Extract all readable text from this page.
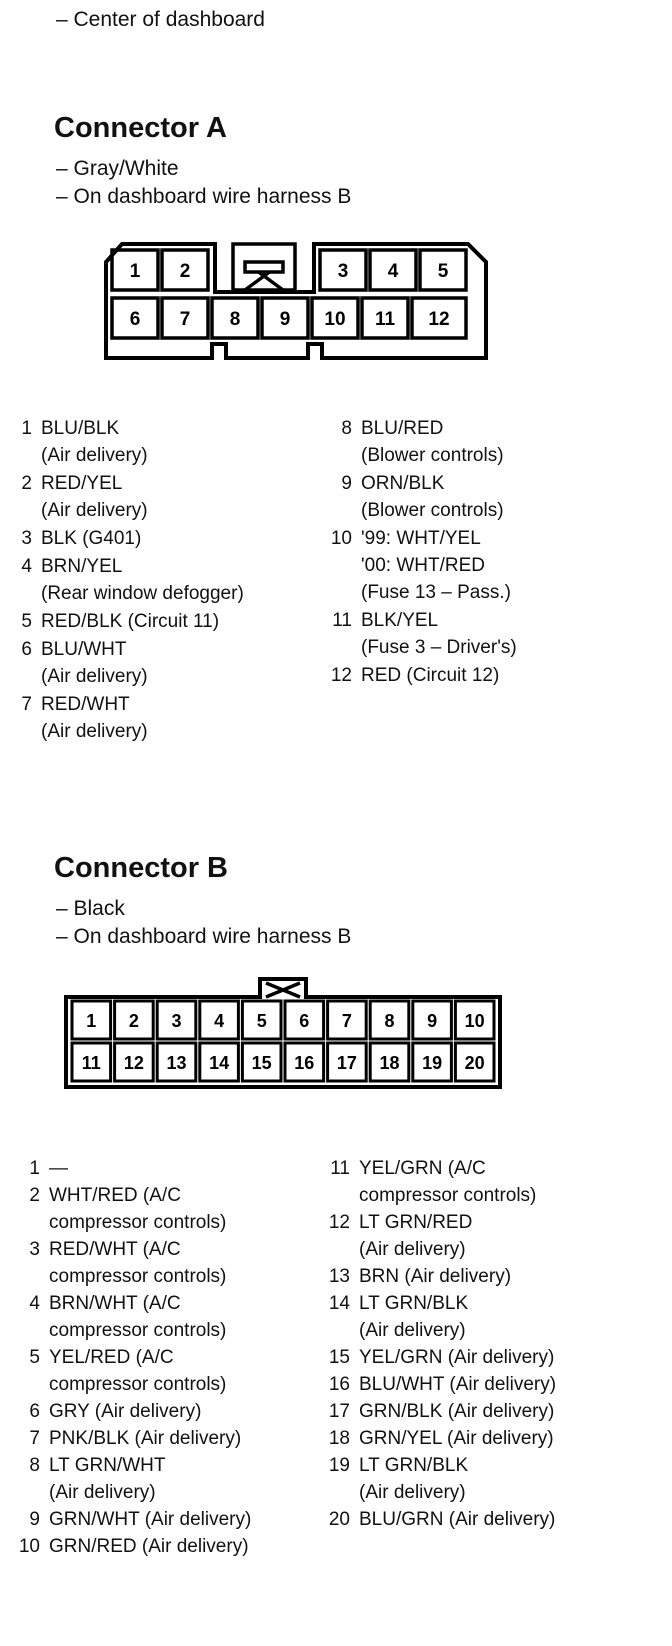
– Center of dashboard
Connector A
– Gray/White
– On dashboard wire harness B
1 2	3 4 5
6 7 8 9 10 11 12
1 BLU/BLK
(Air delivery)
2 RED/YEL
(Air delivery)
3 BLK (G401)
4 BRN/YEL
(Rear window defogger)
5 RED/BLK (Circuit 11)
6 BLU/WHT
(Air delivery)
7 RED/WHT
(Air delivery)
8 BLU/RED
(Blower controls)
9 ORN/BLK
(Blower controls)
10 '99: WHT/YEL
'00: WHT/RED
(Fuse 13 – Pass.)
11 BLK/YEL
(Fuse 3 – Driver's)
12 RED (Circuit 12)
Connector B
– Black
– On dashboard wire harness B
1 2 3 4 5 6 7 8 9 10
11 12 13 14 15 16 17 18 19 20
1 —
2 WHT/RED (A/C
compressor controls)
3 RED/WHT (A/C
compressor controls)
4 BRN/WHT (A/C
compressor controls)
5 YEL/RED (A/C
compressor controls)
6 GRY (Air delivery)
7 PNK/BLK (Air delivery)
8 LT GRN/WHT
(Air delivery)
9 GRN/WHT (Air delivery)
10 GRN/RED (Air delivery)
11 YEL/GRN (A/C
compressor controls)
12 LT GRN/RED
(Air delivery)
13 BRN (Air delivery)
14 LT GRN/BLK
(Air delivery)
15 YEL/GRN (Air delivery)
16 BLU/WHT (Air delivery)
17 GRN/BLK (Air delivery)
18 GRN/YEL (Air delivery)
19 LT GRN/BLK
(Air delivery)
20 BLU/GRN (Air delivery)
